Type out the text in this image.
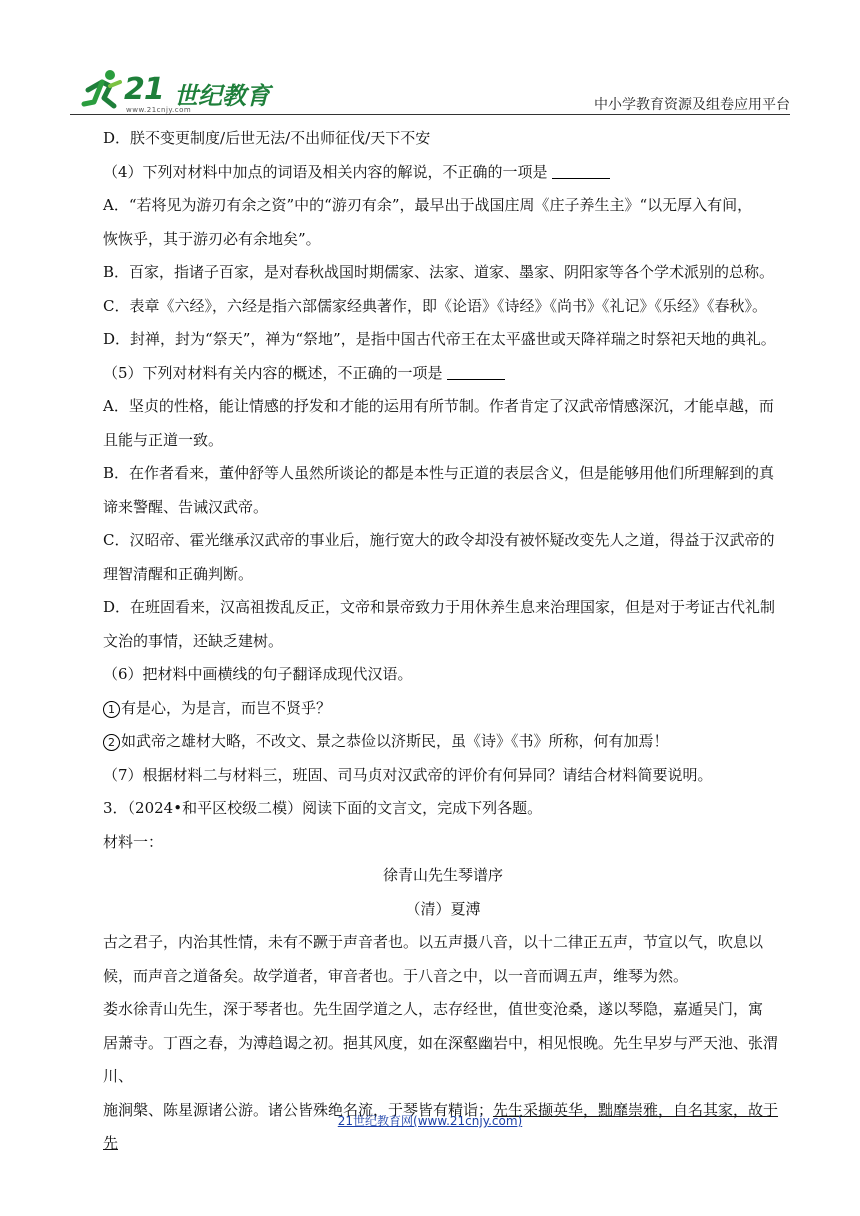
21 世纪教育
www.21cnjy.com	中小学教育资源及组卷应用平台

D．朕不变更制度/后世无法/不出师征伐/天下不安

（4）下列对材料中加点的词语及相关内容的解说，不正确的一项是

A．“若将见为游刃有余之资”中的“游刃有余”，最早出于战国庄周《庄子养生主》“以无厚入有间，

恢恢乎，其于游刃必有余地矣”。

B．百家，指诸子百家，是对春秋战国时期儒家、法家、道家、墨家、阴阳家等各个学术派别的总称。

C．表章《六经》，六经是指六部儒家经典著作，即《论语》《诗经》《尚书》《礼记》《乐经》《春秋》。

D．封禅，封为“祭天”，禅为“祭地”，是指中国古代帝王在太平盛世或天降祥瑞之时祭祀天地的典礼。

（5）下列对材料有关内容的概述，不正确的一项是

A．坚贞的性格，能让情感的抒发和才能的运用有所节制。作者肯定了汉武帝情感深沉，才能卓越，而

且能与正道一致。

B．在作者看来，董仲舒等人虽然所谈论的都是本性与正道的表层含义，但是能够用他们所理解到的真

谛来警醒、告诫汉武帝。

C．汉昭帝、霍光继承汉武帝的事业后，施行宽大的政令却没有被怀疑改变先人之道，得益于汉武帝的

理智清醒和正确判断。

D．在班固看来，汉高祖拨乱反正，文帝和景帝致力于用休养生息来治理国家，但是对于考证古代礼制

文治的事情，还缺乏建树。

（6）把材料中画横线的句子翻译成现代汉语。

1 有是心，为是言，而岂不贤乎？

2 如武帝之雄材大略，不改文、景之恭俭以济斯民，虽《诗》《书》所称，何有加焉！

（7）根据材料二与材料三，班固、司马贞对汉武帝的评价有何异同？请结合材料简要说明。

3．（2024•和平区校级二模）阅读下面的文言文，完成下列各题。

材料一：

徐青山先生琴谱序

（清）夏溥

古之君子，内治其性情，未有不蹶于声音者也。以五声摄八音，以十二律正五声，节宣以气，吹息以

候，而声音之道备矣。故学道者，审音者也。于八音之中，以一音而调五声，维琴为然。

娄水徐青山先生，深于琴者也。先生固学道之人，志存经世，值世变沧桑，遂以琴隐，嘉遁吴门，寓

居萧寺。丁酉之春，为溥趋谒之初。挹其风度，如在深壑幽岩中，相见恨晚。先生早岁与严天池、张渭川、

施涧槃、陈星源诸公游。诸公皆殊绝名流，于琴皆有精诣；先生采撷英华，黜靡崇雅，自名其家，故于先

21世纪教育网(www.21cnjy.com)
